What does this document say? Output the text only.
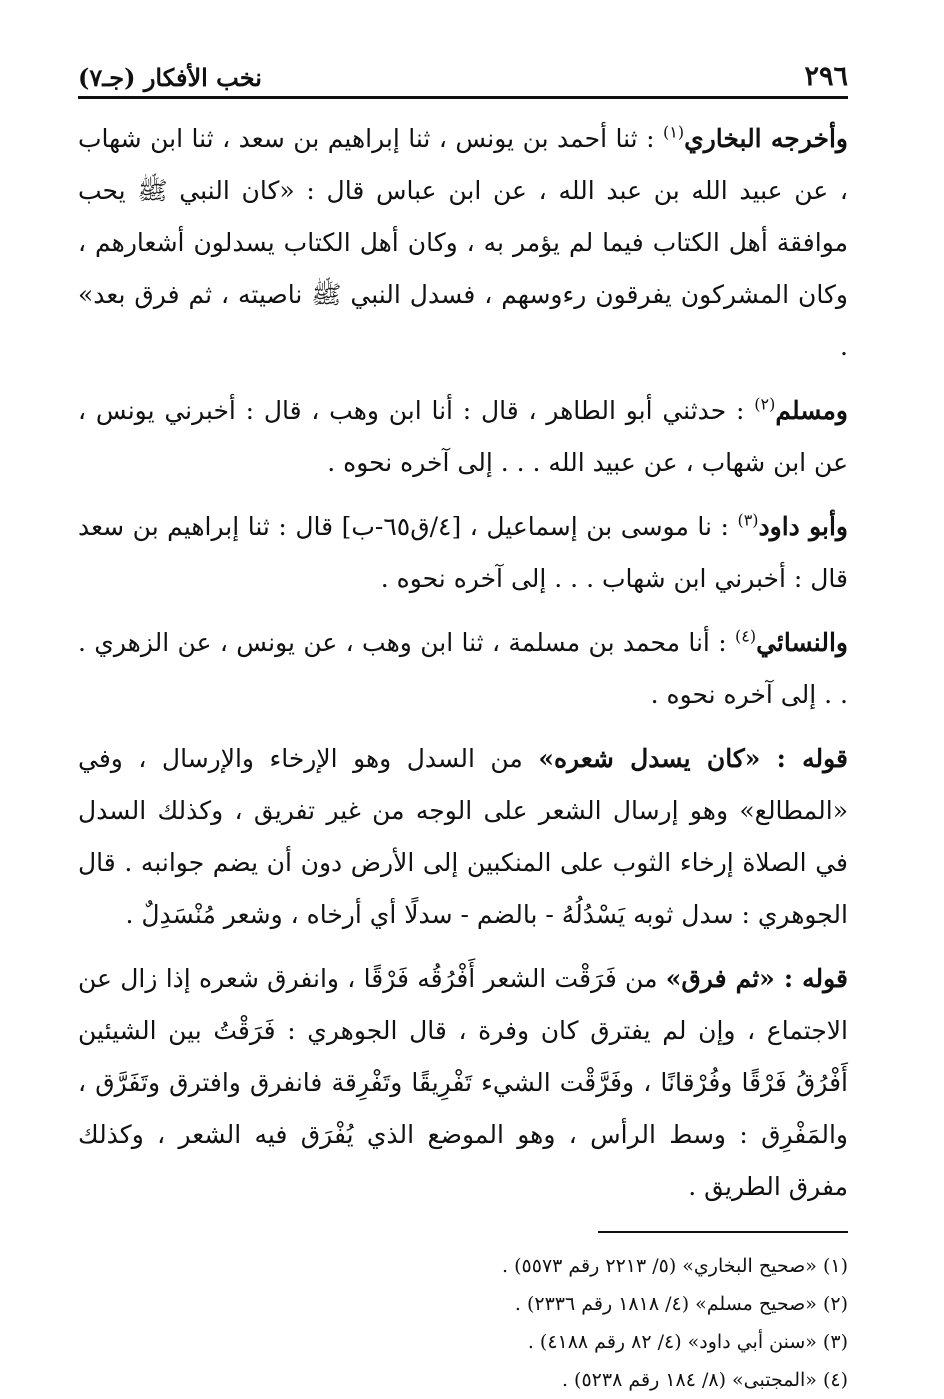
٢٩٦
نخب الأفكار (جـ٧)

وأخرجه البخاري$^{(١)}$ : ثنا أحمد بن يونس ، ثنا إبراهيم بن سعد ، ثنا ابن شهاب ، عن عبيد الله بن عبد الله ، عن ابن عباس قال : «كان النبي ﷺ يحب موافقة أهل الكتاب فيما لم يؤمر به ، وكان أهل الكتاب يسدلون أشعارهم ، وكان المشركون يفرقون رءوسهم ، فسدل النبي ﷺ ناصيته ، ثم فرق بعد» .

ومسلم$^{(٢)}$ : حدثني أبو الطاهر ، قال : أنا ابن وهب ، قال : أخبرني يونس ، عن ابن شهاب ، عن عبيد الله . . . إلى آخره نحوه .

وأبو داود$^{(٣)}$ : نا موسى بن إسماعيل ، [٤/ق٦٥-ب] قال : ثنا إبراهيم بن سعد قال : أخبرني ابن شهاب . . . إلى آخره نحوه .

والنسائي$^{(٤)}$ : أنا محمد بن مسلمة ، ثنا ابن وهب ، عن يونس ، عن الزهري . . . إلى آخره نحوه .

قوله : «كان يسدل شعره» من السدل وهو الإرخاء والإرسال ، وفي «المطالع» وهو إرسال الشعر على الوجه من غير تفريق ، وكذلك السدل في الصلاة إرخاء الثوب على المنكبين إلى الأرض دون أن يضم جوانبه . قال الجوهري : سدل ثوبه يَسْدُلُهُ - بالضم - سدلًا أي أرخاه ، وشعر مُنْسَدِلٌ .

قوله : «ثم فرق» من فَرَقْت الشعر أَفْرُقُه فَرْقًا ، وانفرق شعره إذا زال عن الاجتماع ، وإن لم يفترق كان وفرة ، قال الجوهري : فَرَقْتُ بين الشيئين أَفْرُقُ فَرْقًا وفُرْقانًا ، وفَرَّقْت الشيء تَفْرِيقًا وتَفْرِقة فانفرق وافترق وتَفَرَّق ، والمَفْرِق : وسط الرأس ، وهو الموضع الذي يُفْرَق فيه الشعر ، وكذلك مفرق الطريق .

(١) «صحيح البخاري» (٥/ ٢٢١٣ رقم ٥٥٧٣) .

(٢) «صحيح مسلم» (٤/ ١٨١٨ رقم ٢٣٣٦) .

(٣) «سنن أبي داود» (٤/ ٨٢ رقم ٤١٨٨) .

(٤) «المجتبى» (٨/ ١٨٤ رقم ٥٢٣٨) .
